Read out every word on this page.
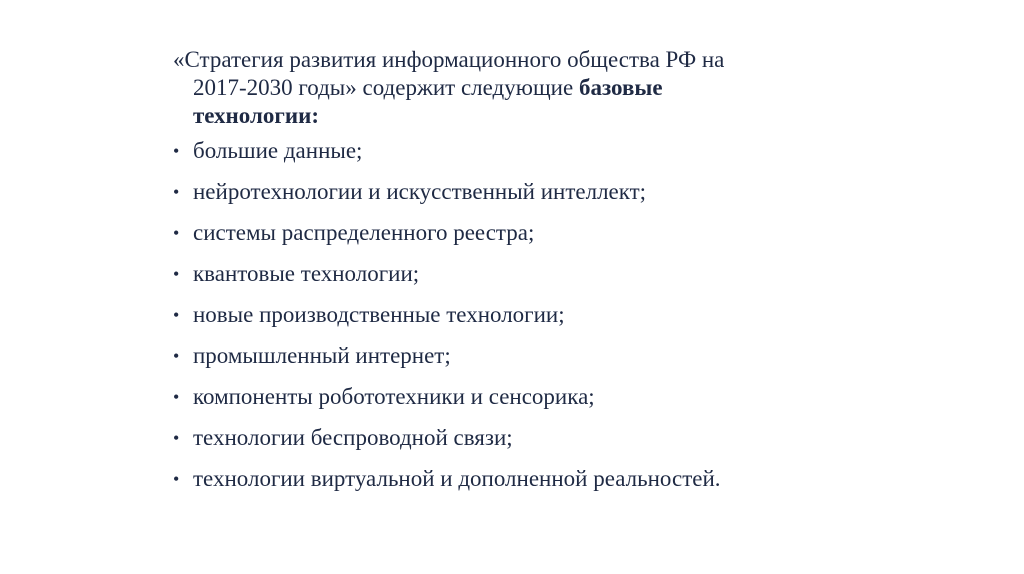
«Стратегия развития информационного общества РФ на
2017-2030 годы» содержит следующие базовые
технологии:

• большие данные;
• нейротехнологии и искусственный интеллект;
• системы распределенного реестра;
• квантовые технологии;
• новые производственные технологии;
• промышленный интернет;
• компоненты робототехники и сенсорика;
• технологии беспроводной связи;
• технологии виртуальной и дополненной реальностей.
